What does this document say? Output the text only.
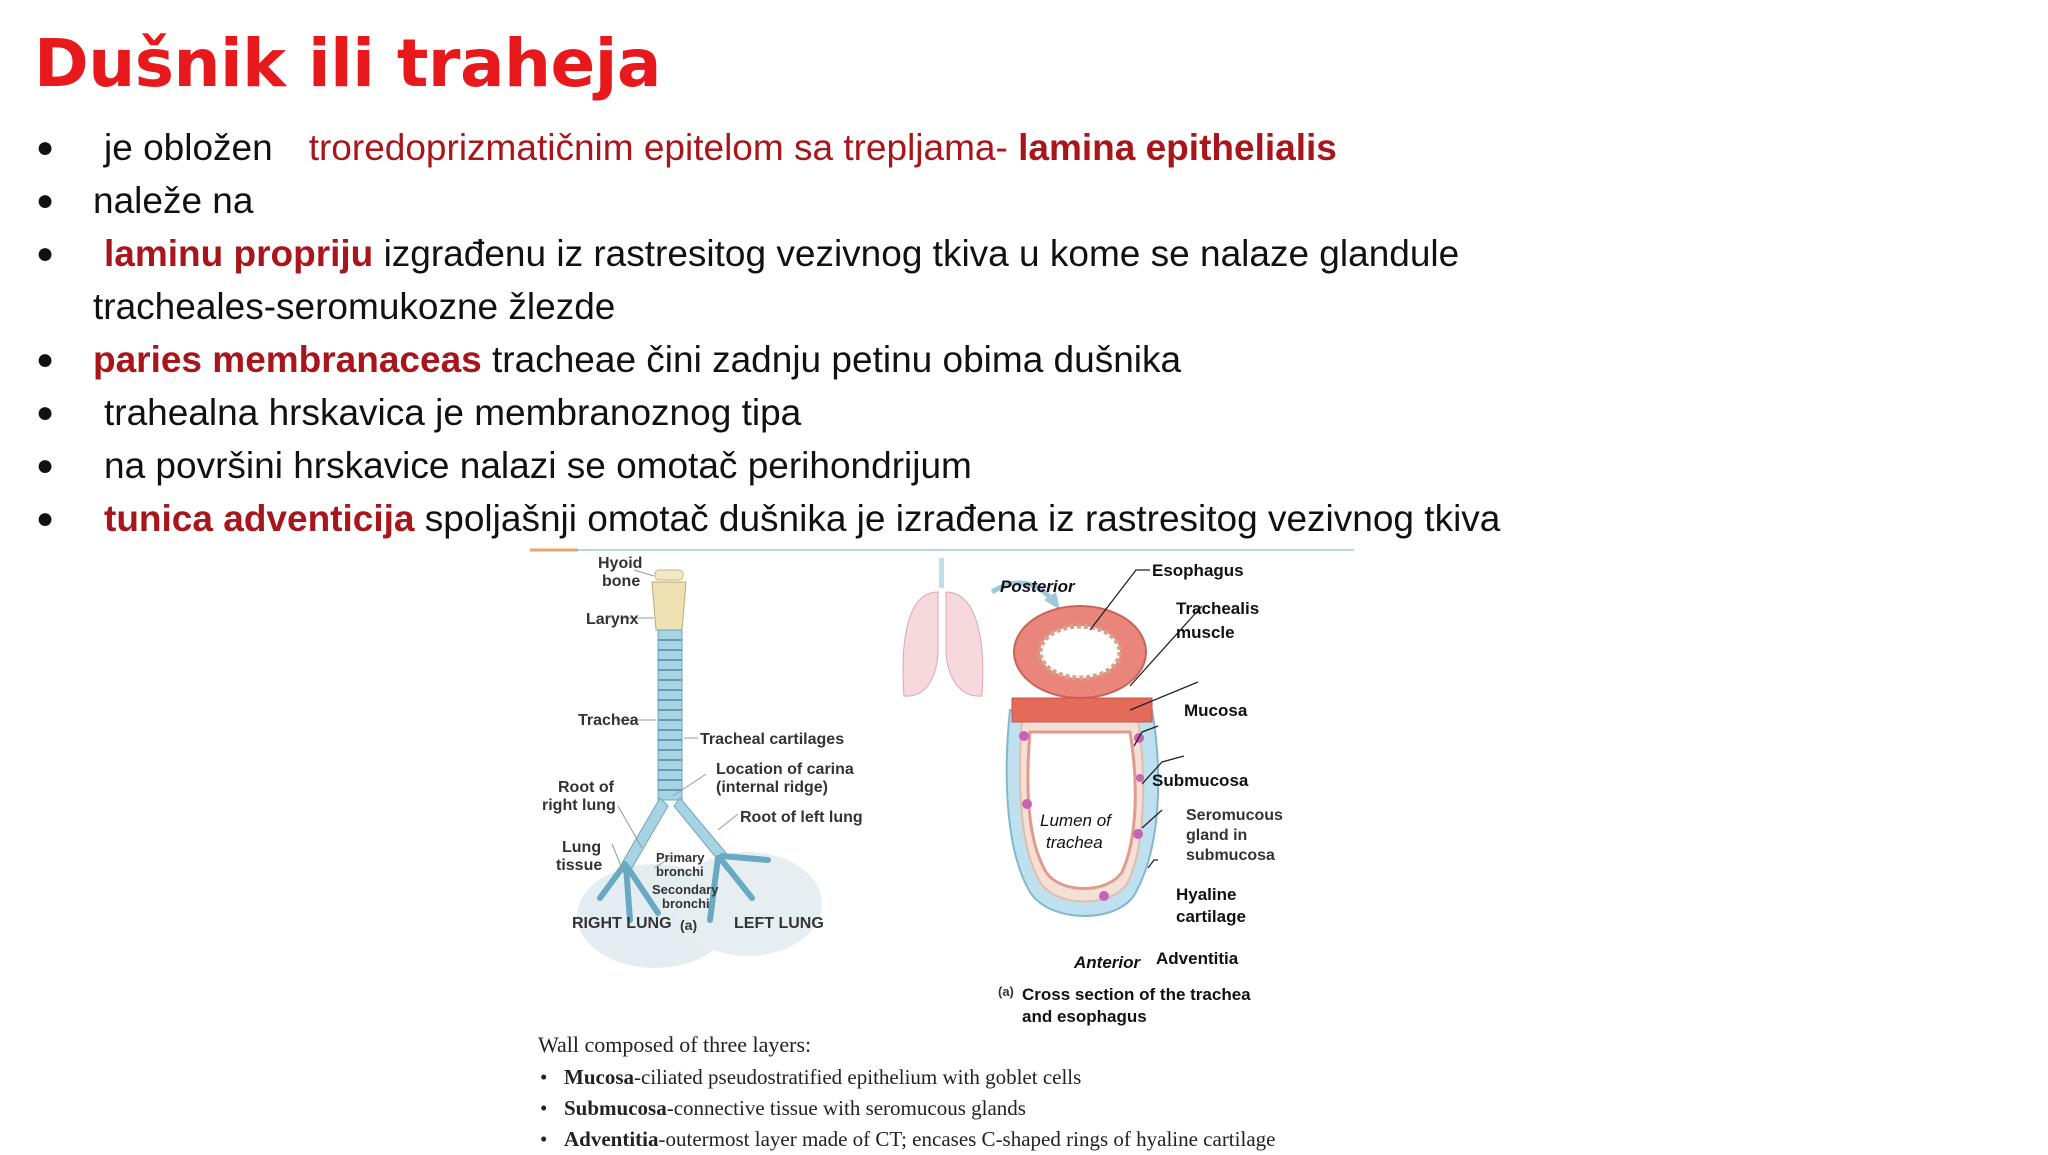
Dušnik ili traheja
● je obložen troredoprizmatičnim epitelom sa trepljama- lamina epithelialis
● naleže na
● laminu propriju izgrađenu iz rastresitog vezivnog tkiva u kome se nalaze glanduletracheales-seromukozne žlezde
● paries membranaceas tracheae čini zadnju petinu obima dušnika
● trahealna hrskavica je membranoznog tipa
● na površini hrskavice nalazi se omotač perihondrijum
● tunica adventicija spoljašnji omotač dušnika je izrađena iz rastresitog vezivnog tkiva
Hyoid
bone
Larynx
Trachea
Tracheal cartilages
Location of carina
(internal ridge)
Root of
right lung
Root of left lung
Lung
tissue	Primary
bronchi
Secondary
bronchi
RIGHT LUNG (a) LEFT LUNG
Posterior
Esophagus
Trachealis
muscle
Mucosa
Submucosa
Seromucous
gland in
submucosa
Hyaline
cartilage
Adventitia
Lumen of
trachea
Anterior
(a) Cross section of the trachea
and esophagus
Wall composed of three layers:
• Mucosa-ciliated pseudostratified epithelium with goblet cells
• Submucosa-connective tissue with seromucous glands
• Adventitia-outermost layer made of CT; encases C-shaped rings of hyaline cartilage
